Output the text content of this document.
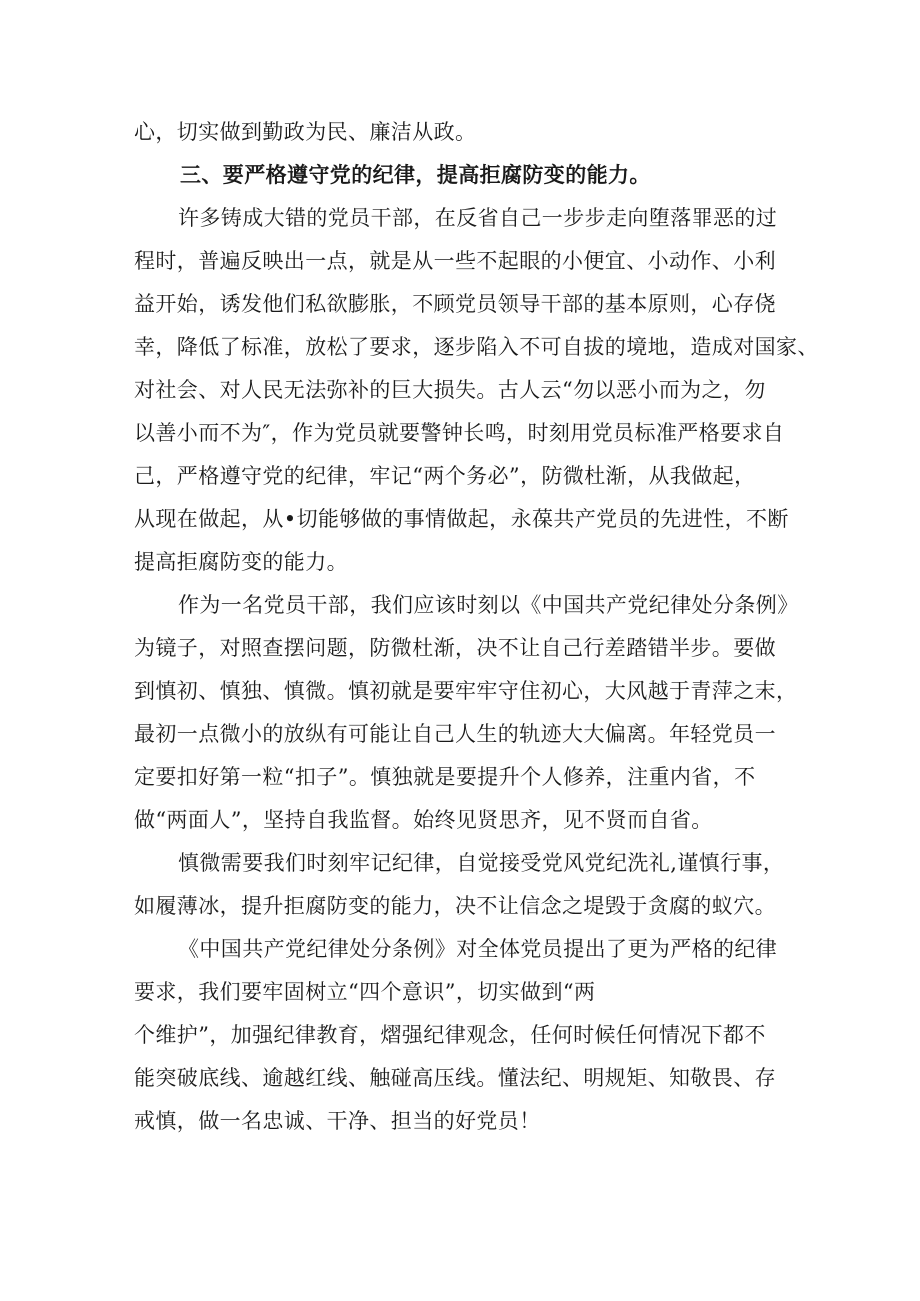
心，切实做到勤政为民、廉洁从政。
三、要严格遵守党的纪律，提高拒腐防变的能力。
许多铸成大错的党员干部，在反省自己一步步走向堕落罪恶的过
程时，普遍反映出一点，就是从一些不起眼的小便宜、小动作、小利
益开始，诱发他们私欲膨胀，不顾党员领导干部的基本原则，心存侥
幸，降低了标准，放松了要求，逐步陷入不可自拔的境地，造成对国家、
对社会、对人民无法弥补的巨大损失。古人云“勿以恶小而为之，勿
以善小而不为″，作为党员就要警钟长鸣，时刻用党员标准严格要求自
己，严格遵守党的纪律，牢记“两个务必”，防微杜渐，从我做起，
从现在做起，从•切能够做的事情做起，永葆共产党员的先进性，不断
提高拒腐防变的能力。
作为一名党员干部，我们应该时刻以《中国共产党纪律处分条例》
为镜子，对照查摆问题，防微杜渐，决不让自己行差踏错半步。要做
到慎初、慎独、慎微。慎初就是要牢牢守住初心，大风越于青萍之末，
最初一点微小的放纵有可能让自己人生的轨迹大大偏离。年轻党员一
定要扣好第一粒“扣子”。慎独就是要提升个人修养，注重内省，不
做“两面人”，坚持自我监督。始终见贤思齐，见不贤而自省。
慎微需要我们时刻牢记纪律，自觉接受党风党纪洗礼,谨慎行事，
如履薄冰，提升拒腐防变的能力，决不让信念之堤毁于贪腐的蚁穴。
《中国共产党纪律处分条例》对全体党员提出了更为严格的纪律
要求，我们要牢固树立“四个意识”，切实做到“两
个维护”，加强纪律教育，熠强纪律观念，任何时候任何情况下都不
能突破底线、逾越红线、触碰高压线。懂法纪、明规矩、知敬畏、存
戒慎，做一名忠诚、干净、担当的好党员！
